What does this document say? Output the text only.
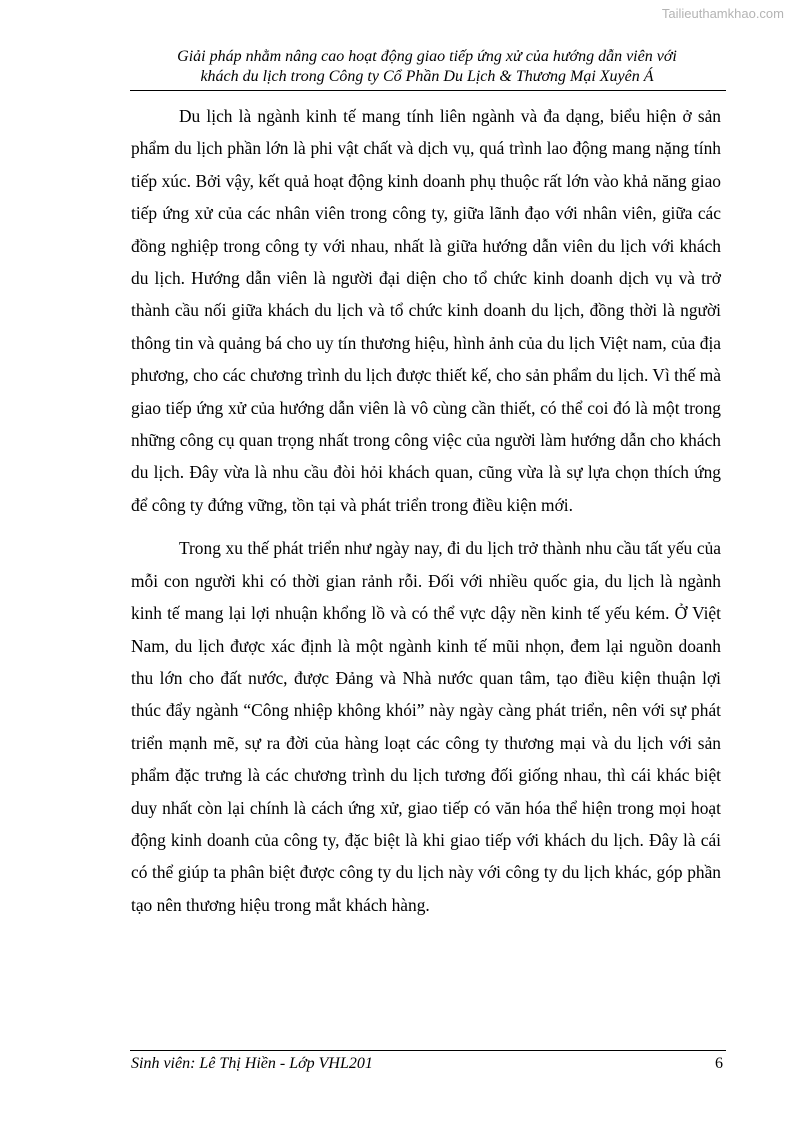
Tailieuthamkhao.com
Giải pháp nhằm nâng cao hoạt động giao tiếp ứng xử của hướng dẫn viên với
khách du lịch trong Công ty Cổ Phần Du Lịch & Thương Mại Xuyên Á

Du lịch là ngành kinh tế mang tính liên ngành và đa dạng, biểu hiện ở sản phẩm du lịch phần lớn là phi vật chất và dịch vụ, quá trình lao động mang nặng tính tiếp xúc. Bởi vậy, kết quả hoạt động kinh doanh phụ thuộc rất lớn vào khả năng giao tiếp ứng xử của các nhân viên trong công ty, giữa lãnh đạo với nhân viên, giữa các đồng nghiệp trong công ty với nhau, nhất là giữa hướng dẫn viên du lịch với khách du lịch. Hướng dẫn viên là người đại diện cho tổ chức kinh doanh dịch vụ và trở thành cầu nối giữa khách du lịch và tổ chức kinh doanh du lịch, đồng thời là người thông tin và quảng bá cho uy tín thương hiệu, hình ảnh của du lịch Việt nam, của địa phương, cho các chương trình du lịch được thiết kế, cho sản phẩm du lịch. Vì thế mà giao tiếp ứng xử của hướng dẫn viên là vô cùng cần thiết, có thể coi đó là một trong những công cụ quan trọng nhất trong công việc của người làm hướng dẫn cho khách du lịch. Đây vừa là nhu cầu đòi hỏi khách quan, cũng vừa là sự lựa chọn thích ứng để công ty đứng vững, tồn tại và phát triển trong điều kiện mới.

Trong xu thế phát triển như ngày nay, đi du lịch trở thành nhu cầu tất yếu của mỗi con người khi có thời gian rảnh rỗi. Đối với nhiều quốc gia, du lịch là ngành kinh tế mang lại lợi nhuận khổng lồ và có thể vực dậy nền kinh tế yếu kém. Ở Việt Nam, du lịch được xác định là một ngành kinh tế mũi nhọn, đem lại nguồn doanh thu lớn cho đất nước, được Đảng và Nhà nước quan tâm, tạo điều kiện thuận lợi thúc đẩy ngành “Công nhiệp không khói” này ngày càng phát triển, nên với sự phát triển mạnh mẽ, sự ra đời của hàng loạt các công ty thương mại và du lịch với sản phẩm đặc trưng là các chương trình du lịch tương đối giống nhau, thì cái khác biệt duy nhất còn lại chính là cách ứng xử, giao tiếp có văn hóa thể hiện trong mọi hoạt động kinh doanh của công ty, đặc biệt là khi giao tiếp với khách du lịch. Đây là cái có thể giúp ta phân biệt được công ty du lịch này với công ty du lịch khác, góp phần tạo nên thương hiệu trong mắt khách hàng.

Sinh viên: Lê Thị Hiền - Lớp VHL201	6
